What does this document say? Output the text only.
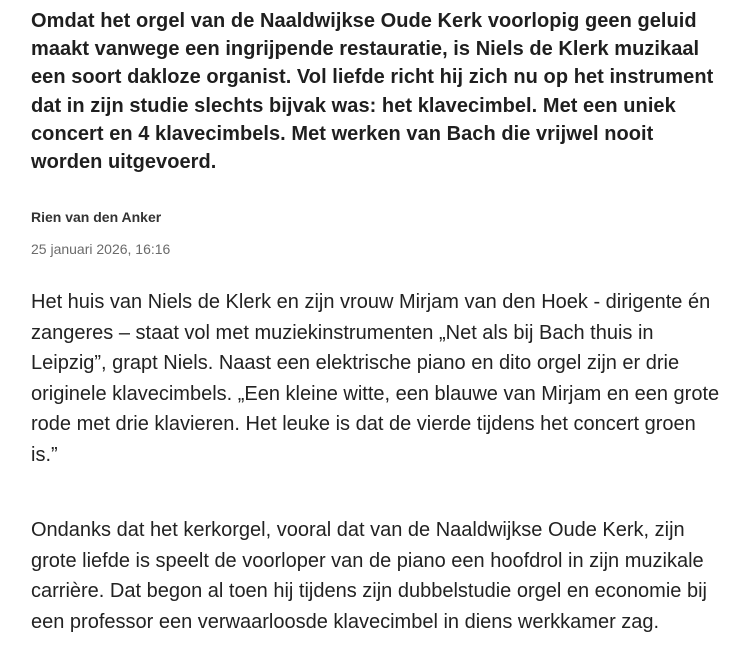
Omdat het orgel van de Naaldwijkse Oude Kerk voorlopig geen geluid maakt vanwege een ingrijpende restauratie, is Niels de Klerk muzikaal een soort dakloze organist. Vol liefde richt hij zich nu op het instrument dat in zijn studie slechts bijvak was: het klavecimbel. Met een uniek concert en 4 klavecimbels. Met werken van Bach die vrijwel nooit worden uitgevoerd.

Rien van den Anker
25 januari 2026, 16:16

Het huis van Niels de Klerk en zijn vrouw Mirjam van den Hoek - dirigente én zangeres – staat vol met muziekinstrumenten „Net als bij Bach thuis in Leipzig”, grapt Niels. Naast een elektrische piano en dito orgel zijn er drie originele klavecimbels. „Een kleine witte, een blauwe van Mirjam en een grote rode met drie klavieren. Het leuke is dat de vierde tijdens het concert groen is.”

Ondanks dat het kerkorgel, vooral dat van de Naaldwijkse Oude Kerk, zijn grote liefde is speelt de voorloper van de piano een hoofdrol in zijn muzikale carrière. Dat begon al toen hij tijdens zijn dubbelstudie orgel en economie bij een professor een verwaarloosde klavecimbel in diens werkkamer zag.
